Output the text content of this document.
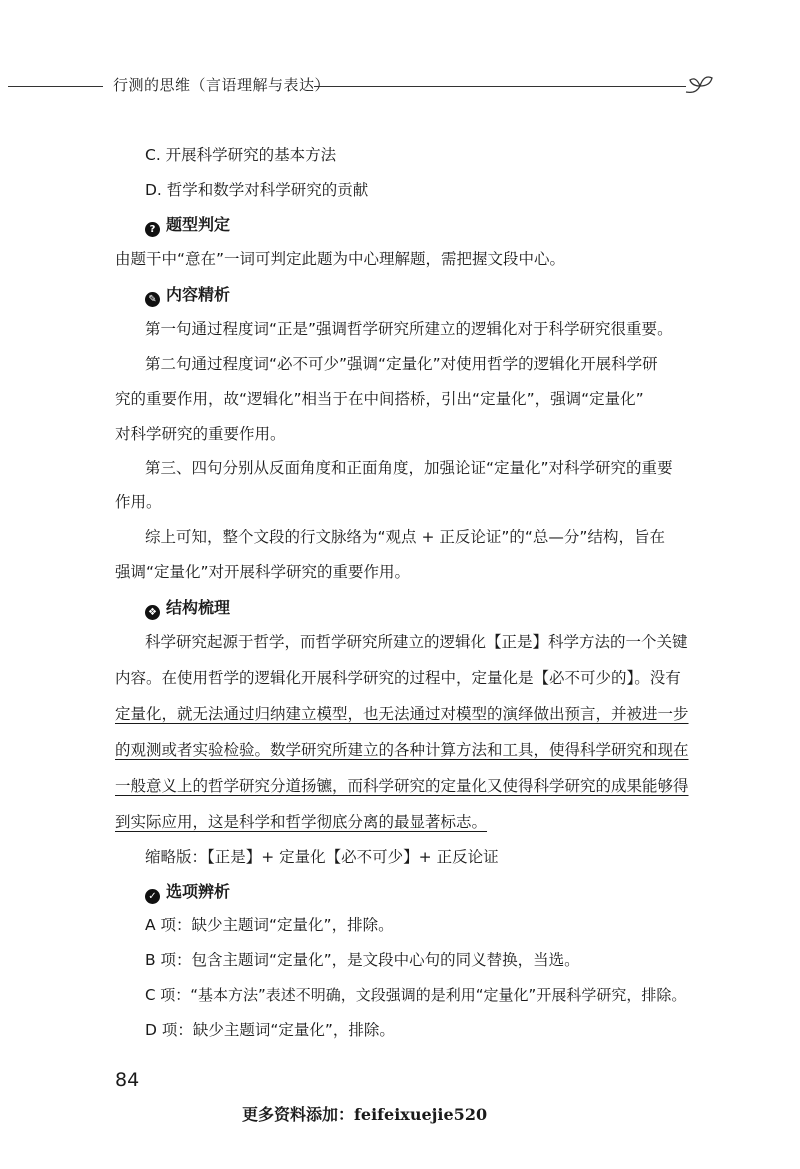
行测的思维（言语理解与表达）
C. 开展科学研究的基本方法
D. 哲学和数学对科学研究的贡献
? 题型判定
由题干中“意在”一词可判定此题为中心理解题，需把握文段中心。
✎ 内容精析
第一句通过程度词“正是”强调哲学研究所建立的逻辑化对于科学研究很重要。
第二句通过程度词“必不可少”强调“定量化”对使用哲学的逻辑化开展科学研
究的重要作用，故“逻辑化”相当于在中间搭桥，引出“定量化”，强调“定量化”
对科学研究的重要作用。
第三、四句分别从反面角度和正面角度，加强论证“定量化”对科学研究的重要
作用。
综上可知，整个文段的行文脉络为“观点 + 正反论证”的“总—分”结构，旨在
强调“定量化”对开展科学研究的重要作用。
❖ 结构梳理
科学研究起源于哲学，而哲学研究所建立的逻辑化【正是】科学方法的一个关键
内容。在使用哲学的逻辑化开展科学研究的过程中，定量化是【必不可少的】。没有
定量化，就无法通过归纳建立模型，也无法通过对模型的演绎做出预言，并被进一步
的观测或者实验检验。数学研究所建立的各种计算方法和工具，使得科学研究和现在
一般意义上的哲学研究分道扬镳，而科学研究的定量化又使得科学研究的成果能够得
到实际应用，这是科学和哲学彻底分离的最显著标志。
缩略版：【正是】+ 定量化【必不可少】+ 正反论证
✓ 选项辨析
A 项：缺少主题词“定量化”，排除。
B 项：包含主题词“定量化”，是文段中心句的同义替换，当选。
C 项：“基本方法”表述不明确，文段强调的是利用“定量化”开展科学研究，排除。
D 项：缺少主题词“定量化”，排除。
84
更多资料添加：feifeixuejie520
